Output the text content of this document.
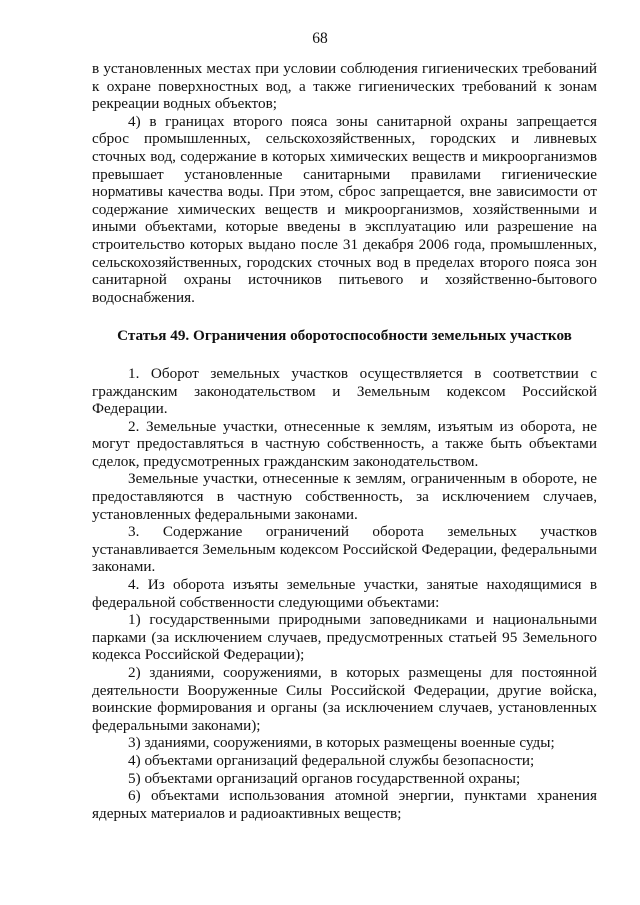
68

в установленных местах при условии соблюдения гигиенических требований к охране поверхностных вод, а также гигиенических требований к зонам рекреации водных объектов;

4) в границах второго пояса зоны санитарной охраны запрещается сброс промышленных, сельскохозяйственных, городских и ливневых сточных вод, содержание в которых химических веществ и микроорганизмов превышает установленные санитарными правилами гигиенические нормативы качества воды. При этом, сброс запрещается, вне зависимости от содержание химических веществ и микроорганизмов, хозяйственными и иными объектами, которые введены в эксплуатацию или разрешение на строительство которых выдано после 31 декабря 2006 года, промышленных, сельскохозяйственных, городских сточных вод в пределах второго пояса зон санитарной охраны источников питьевого и хозяйственно-бытового водоснабжения.

Статья 49. Ограничения оборотоспособности земельных участков

1. Оборот земельных участков осуществляется в соответствии с гражданским законодательством и Земельным кодексом Российской Федерации.

2. Земельные участки, отнесенные к землям, изъятым из оборота, не могут предоставляться в частную собственность, а также быть объектами сделок, предусмотренных гражданским законодательством.

Земельные участки, отнесенные к землям, ограниченным в обороте, не предоставляются в частную собственность, за исключением случаев, установленных федеральными законами.

3. Содержание ограничений оборота земельных участков устанавливается Земельным кодексом Российской Федерации, федеральными законами.

4. Из оборота изъяты земельные участки, занятые находящимися в федеральной собственности следующими объектами:

1) государственными природными заповедниками и национальными парками (за исключением случаев, предусмотренных статьей 95 Земельного кодекса Российской Федерации);

2) зданиями, сооружениями, в которых размещены для постоянной деятельности Вооруженные Силы Российской Федерации, другие войска, воинские формирования и органы (за исключением случаев, установленных федеральными законами);

3) зданиями, сооружениями, в которых размещены военные суды;

4) объектами организаций федеральной службы безопасности;

5) объектами организаций органов государственной охраны;

6) объектами использования атомной энергии, пунктами хранения ядерных материалов и радиоактивных веществ;
